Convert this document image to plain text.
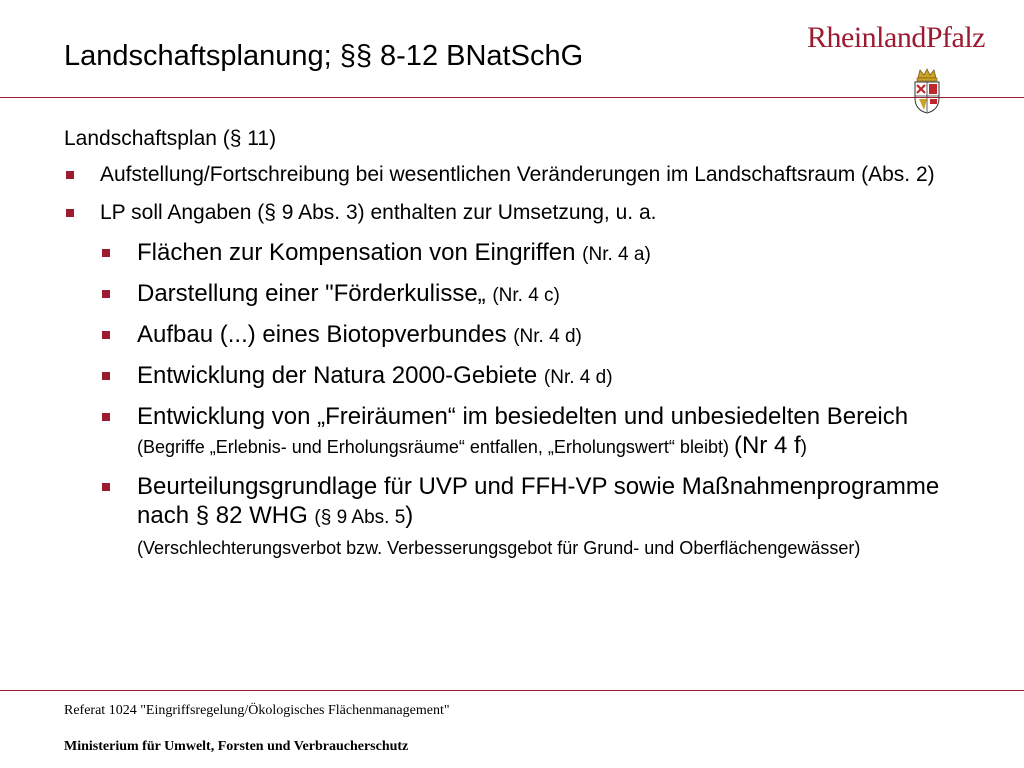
Landschaftsplanung; §§ 8-12 BNatSchG
RheinlandPfalz
Landschaftsplan (§ 11)
Aufstellung/Fortschreibung bei wesentlichen Veränderungen im Landschaftsraum (Abs. 2)
LP soll Angaben (§ 9 Abs. 3) enthalten zur Umsetzung, u. a.
Flächen zur Kompensation von Eingriffen (Nr. 4 a)
Darstellung einer "Förderkulisse„ (Nr. 4 c)
Aufbau (...) eines Biotopverbundes (Nr. 4 d)
Entwicklung der Natura 2000-Gebiete (Nr. 4 d)
Entwicklung von „Freiräumen“ im besiedelten und unbesiedelten Bereich (Begriffe „Erlebnis- und Erholungsräume“ entfallen, „Erholungswert“ bleibt) (Nr 4 f)
Beurteilungsgrundlage für UVP und FFH-VP sowie Maßnahmenprogramme nach § 82 WHG (§ 9 Abs. 5)
(Verschlechterungsverbot bzw. Verbesserungsgebot für Grund- und Oberflächengewässer)
Referat 1024 "Eingriffsregelung/Ökologisches Flächenmanagement"
Ministerium für Umwelt, Forsten und Verbraucherschutz
